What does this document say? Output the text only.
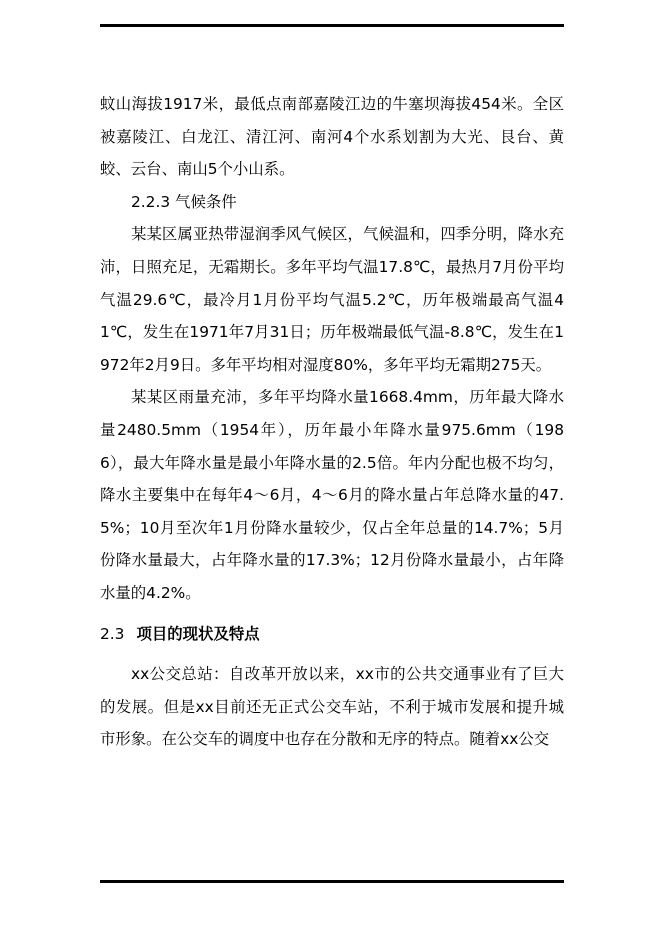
蚊山海拔1917米，最低点南部嘉陵江边的牛塞坝海拔454米。全区被嘉陵江、白龙江、清江河、南河4个水系划割为大光、艮台、黄蛟、云台、南山5个小山系。

2.2.3 气候条件

某某区属亚热带湿润季风气候区，气候温和，四季分明，降水充沛，日照充足，无霜期长。多年平均气温17.8℃，最热月7月份平均气温29.6℃，最冷月1月份平均气温5.2℃，历年极端最高气温41℃，发生在1971年7月31日；历年极端最低气温-8.8℃，发生在1972年2月9日。多年平均相对湿度80%，多年平均无霜期275天。

某某区雨量充沛，多年平均降水量1668.4mm，历年最大降水量2480.5mm（1954年），历年最小年降水量975.6mm（1986），最大年降水量是最小年降水量的2.5倍。年内分配也极不均匀，降水主要集中在每年4～6月，4～6月的降水量占年总降水量的47.5%；10月至次年1月份降水量较少，仅占全年总量的14.7%；5月份降水量最大，占年降水量的17.3%；12月份降水量最小，占年降水量的4.2%。

2.3 项目的现状及特点

xx公交总站：自改革开放以来，xx市的公共交通事业有了巨大的发展。但是xx目前还无正式公交车站，不利于城市发展和提升城市形象。在公交车的调度中也存在分散和无序的特点。随着xx公交
